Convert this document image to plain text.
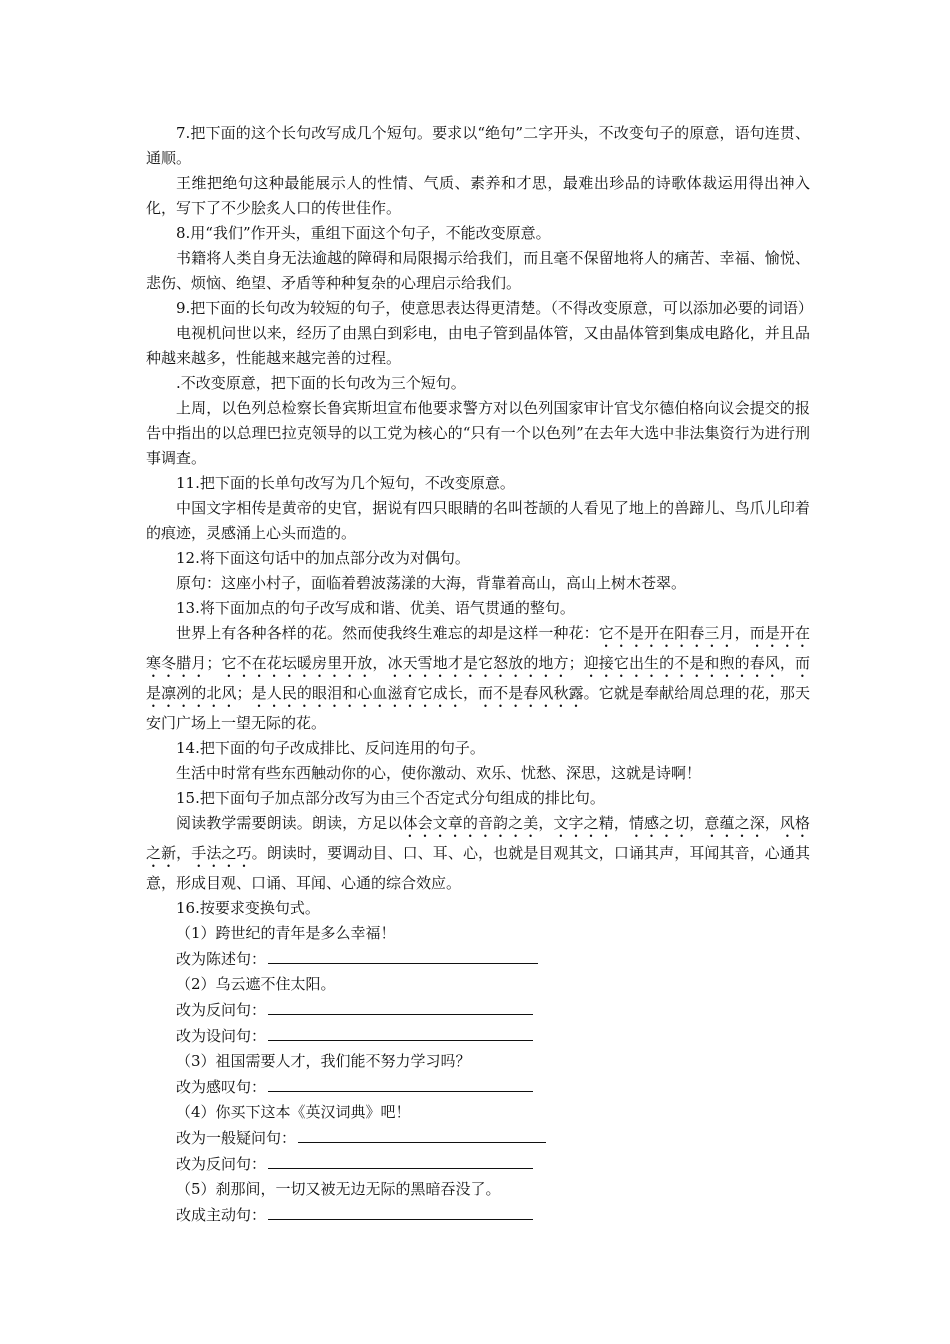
7.把下面的这个长句改写成几个短句。要求以“绝句”二字开头，不改变句子的原意，语句连贯、通顺。

王维把绝句这种最能展示人的性情、气质、素养和才思，最难出珍品的诗歌体裁运用得出神入化，写下了不少脍炙人口的传世佳作。

8.用“我们”作开头，重组下面这个句子，不能改变原意。

书籍将人类自身无法逾越的障碍和局限揭示给我们，而且毫不保留地将人的痛苦、幸福、愉悦、悲伤、烦恼、绝望、矛盾等种种复杂的心理启示给我们。

9.把下面的长句改为较短的句子，使意思表达得更清楚。（不得改变原意，可以添加必要的词语）

电视机问世以来，经历了由黑白到彩电，由电子管到晶体管，又由晶体管到集成电路化，并且品种越来越多，性能越来越完善的过程。

.不改变原意，把下面的长句改为三个短句。

上周，以色列总检察长鲁宾斯坦宣布他要求警方对以色列国家审计官戈尔德伯格向议会提交的报告中指出的以总理巴拉克领导的以工党为核心的“只有一个以色列”在去年大选中非法集资行为进行刑事调查。

11.把下面的长单句改写为几个短句，不改变原意。

中国文字相传是黄帝的史官，据说有四只眼睛的名叫苍颉的人看见了地上的兽蹄儿、鸟爪儿印着的痕迹，灵感涌上心头而造的。

12.将下面这句话中的加点部分改为对偶句。

原句：这座小村子，面临着碧波荡漾的大海，背靠着高山，高山上树木苍翠。

13.将下面加点的句子改写成和谐、优美、语气贯通的整句。

世界上有各种各样的花。然而使我终生难忘的却是这样一种花：它不是开在阳春三月，而是开在寒冬腊月；它不在花坛暖房里开放，冰天雪地才是它怒放的地方；迎接它出生的不是和煦的春风，而是凛冽的北风；是人民的眼泪和心血滋育它成长，而不是春风秋露。它就是奉献给周总理的花，那天安门广场上一望无际的花。

14.把下面的句子改成排比、反问连用的句子。

生活中时常有些东西触动你的心，使你激动、欢乐、忧愁、深思，这就是诗啊！

15.把下面句子加点部分改写为由三个否定式分句组成的排比句。

阅读教学需要朗读。朗读，方足以体会文章的音韵之美，文字之精，情感之切，意蕴之深，风格之新，手法之巧。朗读时，要调动目、口、耳、心，也就是目观其文，口诵其声，耳闻其音，心通其意，形成目观、口诵、耳闻、心通的综合效应。

16.按要求变换句式。

（1）跨世纪的青年是多么幸福！

改为陈述句：

（2）乌云遮不住太阳。

改为反问句：

改为设问句：

（3）祖国需要人才，我们能不努力学习吗？

改为感叹句：

（4）你买下这本《英汉词典》吧！

改为一般疑问句：

改为反问句：

（5）刹那间，一切又被无边无际的黑暗吞没了。

改成主动句：
